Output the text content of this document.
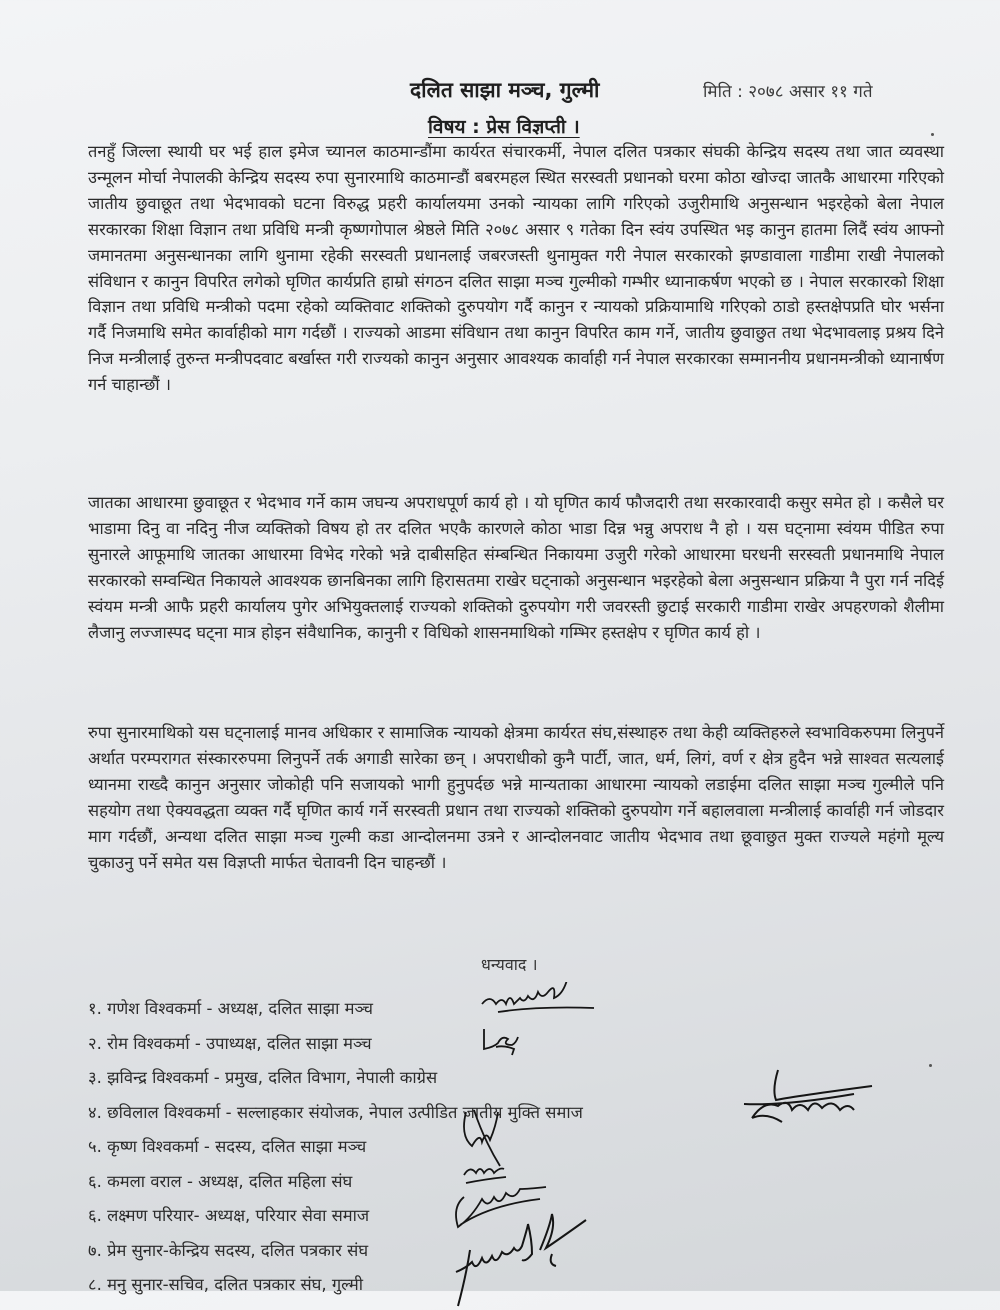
दलित साझा मञ्च, गुल्मी	मिति : २०७८ असार ११ गते
विषय : प्रेस विज्ञप्ती ।

तनहुँ जिल्ला स्थायी घर भई हाल इमेज च्यानल काठमान्डौंमा कार्यरत संचारकर्मी, नेपाल दलित पत्रकार संघकी केन्द्रिय सदस्य तथा जात व्यवस्था उन्मूलन मोर्चा नेपालकी केन्द्रिय सदस्य रुपा सुनारमाथि काठमान्डौं बबरमहल स्थित सरस्वती प्रधानको घरमा कोठा खोज्दा जातकै आधारमा गरिएको जातीय छुवाछूत तथा भेदभावको घटना विरुद्ध प्रहरी कार्यालयमा उनको न्यायका लागि गरिएको उजुरीमाथि अनुसन्धान भइरहेको बेला नेपाल सरकारका शिक्षा विज्ञान तथा प्रविधि मन्त्री कृष्णगोपाल श्रेष्ठले मिति २०७८ असार ९ गतेका दिन स्वंय उपस्थित भइ कानुन हातमा लिदैं स्वंय आफ्नो जमानतमा अनुसन्धानका लागि थुनामा रहेकी सरस्वती प्रधानलाई जबरजस्ती थुनामुक्त गरी नेपाल सरकारको झण्डावाला गाडीमा राखी नेपालको संविधान र कानुन विपरित लगेको घृणित कार्यप्रति हाम्रो संगठन दलित साझा मञ्च गुल्मीको गम्भीर ध्यानाकर्षण भएको छ । नेपाल सरकारको शिक्षा विज्ञान तथा प्रविधि मन्त्रीको पदमा रहेको व्यक्तिवाट शक्तिको दुरुपयोग गर्दै कानुन र न्यायको प्रक्रियामाथि गरिएको ठाडो हस्तक्षेपप्रति घोर भर्सना गर्दै निजमाथि समेत कार्वाहीको माग गर्दछौं । राज्यको आडमा संविधान तथा कानुन विपरित काम गर्ने, जातीय छुवाछुत तथा भेदभावलाइ प्रश्रय दिने निज मन्त्रीलाई तुरुन्त मन्त्रीपदवाट बर्खास्त गरी राज्यको कानुन अनुसार आवश्यक कार्वाही गर्न नेपाल सरकारका सम्माननीय प्रधानमन्त्रीको ध्यानार्षण गर्न चाहान्छौं ।

जातका आधारमा छुवाछूत र भेदभाव गर्ने काम जघन्य अपराधपूर्ण कार्य हो । यो घृणित कार्य फौजदारी तथा सरकारवादी कसुर समेत हो । कसैले घर भाडामा दिनु वा नदिनु नीज व्यक्तिको विषय हो तर दलित भएकै कारणले कोठा भाडा दिन्न भन्नु अपराध नै हो । यस घट्नामा स्वंयम पीडित रुपा सुनारले आफूमाथि जातका आधारमा विभेद गरेको भन्ने दाबीसहित संम्बन्धित निकायमा उजुरी गरेको आधारमा घरधनी सरस्वती प्रधानमाथि नेपाल सरकारको सम्वन्धित निकायले आवश्यक छानबिनका लागि हिरासतमा राखेर घट्नाको अनुसन्धान भइरहेको बेला अनुसन्धान प्रक्रिया नै पुरा गर्न नदिई स्वंयम मन्त्री आफै प्रहरी कार्यालय पुगेर अभियुक्तलाई राज्यको शक्तिको दुरुपयोग गरी जवरस्ती छुटाई सरकारी गाडीमा राखेर अपहरणको शैलीमा लैजानु लज्जास्पद घट्ना मात्र होइन संवैधानिक, कानुनी र विधिको शासनमाथिको गम्भिर हस्तक्षेप र घृणित कार्य हो ।

रुपा सुनारमाथिको यस घट्नालाई मानव अधिकार र सामाजिक न्यायको क्षेत्रमा कार्यरत संघ,संस्थाहरु तथा केही व्यक्तिहरुले स्वभाविकरुपमा लिनुपर्ने अर्थात परम्परागत संस्काररुपमा लिनुपर्ने तर्क अगाडी सारेका छन् । अपराधीको कुनै पार्टी, जात, धर्म, लिगं, वर्ण र क्षेत्र हुदैन भन्ने साश्वत सत्यलाई ध्यानमा राख्दै कानुन अनुसार जोकोही पनि सजायको भागी हुनुपर्दछ भन्ने मान्यताका आधारमा न्यायको लडाईमा दलित साझा मञ्च गुल्मीले पनि सहयोग तथा ऐक्यवद्धता व्यक्त गर्दै घृणित कार्य गर्ने सरस्वती प्रधान तथा राज्यको शक्तिको दुरुपयोग गर्ने बहालवाला मन्त्रीलाई कार्वाही गर्न जोडदार माग गर्दछौं, अन्यथा दलित साझा मञ्च गुल्मी कडा आन्दोलनमा उत्रने र आन्दोलनवाट जातीय भेदभाव तथा छूवाछुत मुक्त राज्यले महंगो मूल्य चुकाउनु पर्ने समेत यस विज्ञप्ती मार्फत चेतावनी दिन चाहन्छौं ।

धन्यवाद ।
१. गणेश विश्वकर्मा - अध्यक्ष, दलित साझा मञ्च
२. रोम विश्वकर्मा - उपाध्यक्ष, दलित साझा मञ्च
३. झविन्द्र विश्वकर्मा - प्रमुख, दलित विभाग, नेपाली काग्रेस
४. छविलाल विश्वकर्मा - सल्लाहकार संयोजक, नेपाल उत्पीडित जातीय मुक्ति समाज
५. कृष्ण विश्वकर्मा - सदस्य, दलित साझा मञ्च
६. कमला वराल - अध्यक्ष, दलित महिला संघ
६. लक्ष्मण परियार- अध्यक्ष, परियार सेवा समाज
७. प्रेम सुनार-केन्द्रिय सदस्य, दलित पत्रकार संघ
८. मनु सुनार-सचिव, दलित पत्रकार संघ, गुल्मी
